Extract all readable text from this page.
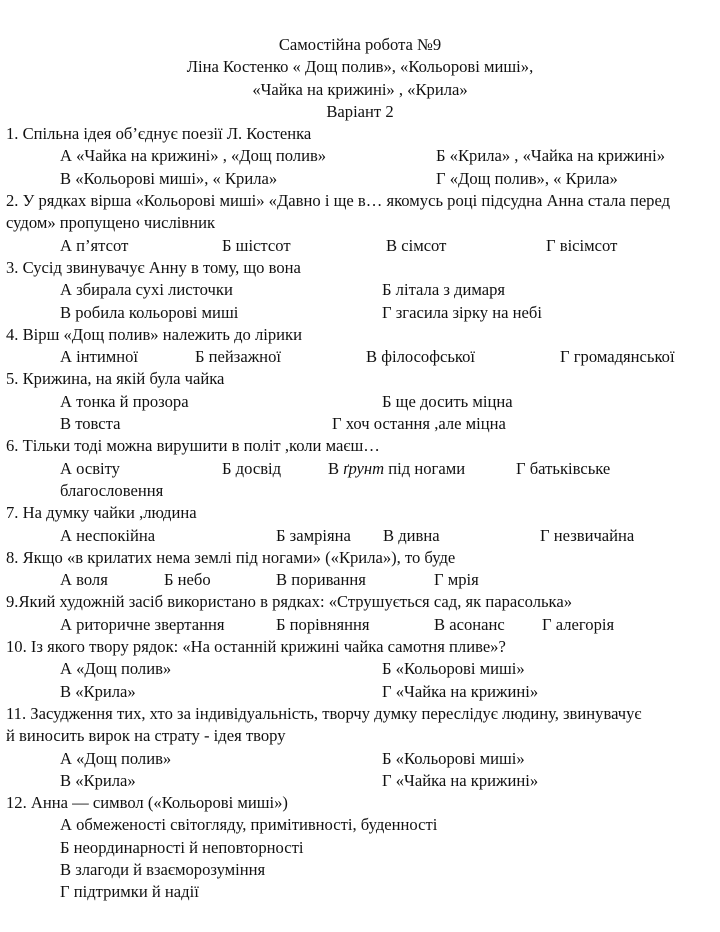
Самостійна робота №9
Ліна Костенко « Дощ полив», «Кольорові миші»,
«Чайка на крижині» , «Крила»
Варіант 2
1. Спільна ідея об’єднує поезії Л. Костенка
А «Чайка на крижині» , «Дощ полив»	Б «Крила» , «Чайка на крижині»
В «Кольорові миші», « Крила»	Г «Дощ полив», « Крила»
2. У рядках вірша «Кольорові миші» «Давно і ще в… якомусь році підсудна Анна стала перед судом» пропущено числівник
А п’ятсот	Б шістсот	В сімсот	Г вісімсот
3. Сусід звинувачує Анну в тому, що вона
А збирала сухі листочки	Б літала з димаря
В робила кольорові миші	Г згасила зірку на небі
4. Вірш «Дощ полив» належить до лірики
А інтимної	Б пейзажної	В філософської	Г громадянської
5. Крижина, на якій була чайка
А тонка й прозора	Б ще досить міцна
В товста	Г хоч остання ,але міцна
6. Тільки тоді можна вирушити в політ ,коли маєш…
А освіту	Б досвід	В ґрунт під ногами	Г батьківське
благословення
7. На думку чайки ,людина
А неспокійна	Б замріяна В дивна	Г незвичайна
8. Якщо «в крилатих нема землі під ногами» («Крила»), то буде
А воля	Б небо	В поривання	Г мрія
9.Який художній засіб використано в рядках: «Струшується сад, як парасолька»
А риторичне звертання	Б порівняння	В асонанс Г алегорія
10. Із якого твору рядок: «На останній крижині чайка самотня пливе»?
А «Дощ полив»	Б «Кольорові миші»
В «Крила»	Г «Чайка на крижині»
11. Засудження тих, хто за індивідуальність, творчу думку переслідує людину, звинувачує
й виносить вирок на страту - ідея твору
А «Дощ полив»	Б «Кольорові миші»
В «Крила»	Г «Чайка на крижині»
12. Анна — символ («Кольорові миші»)
А обмеженості світогляду, примітивності, буденності
Б неординарності й неповторності
В злагоди й взаєморозуміння
Г підтримки й надії
